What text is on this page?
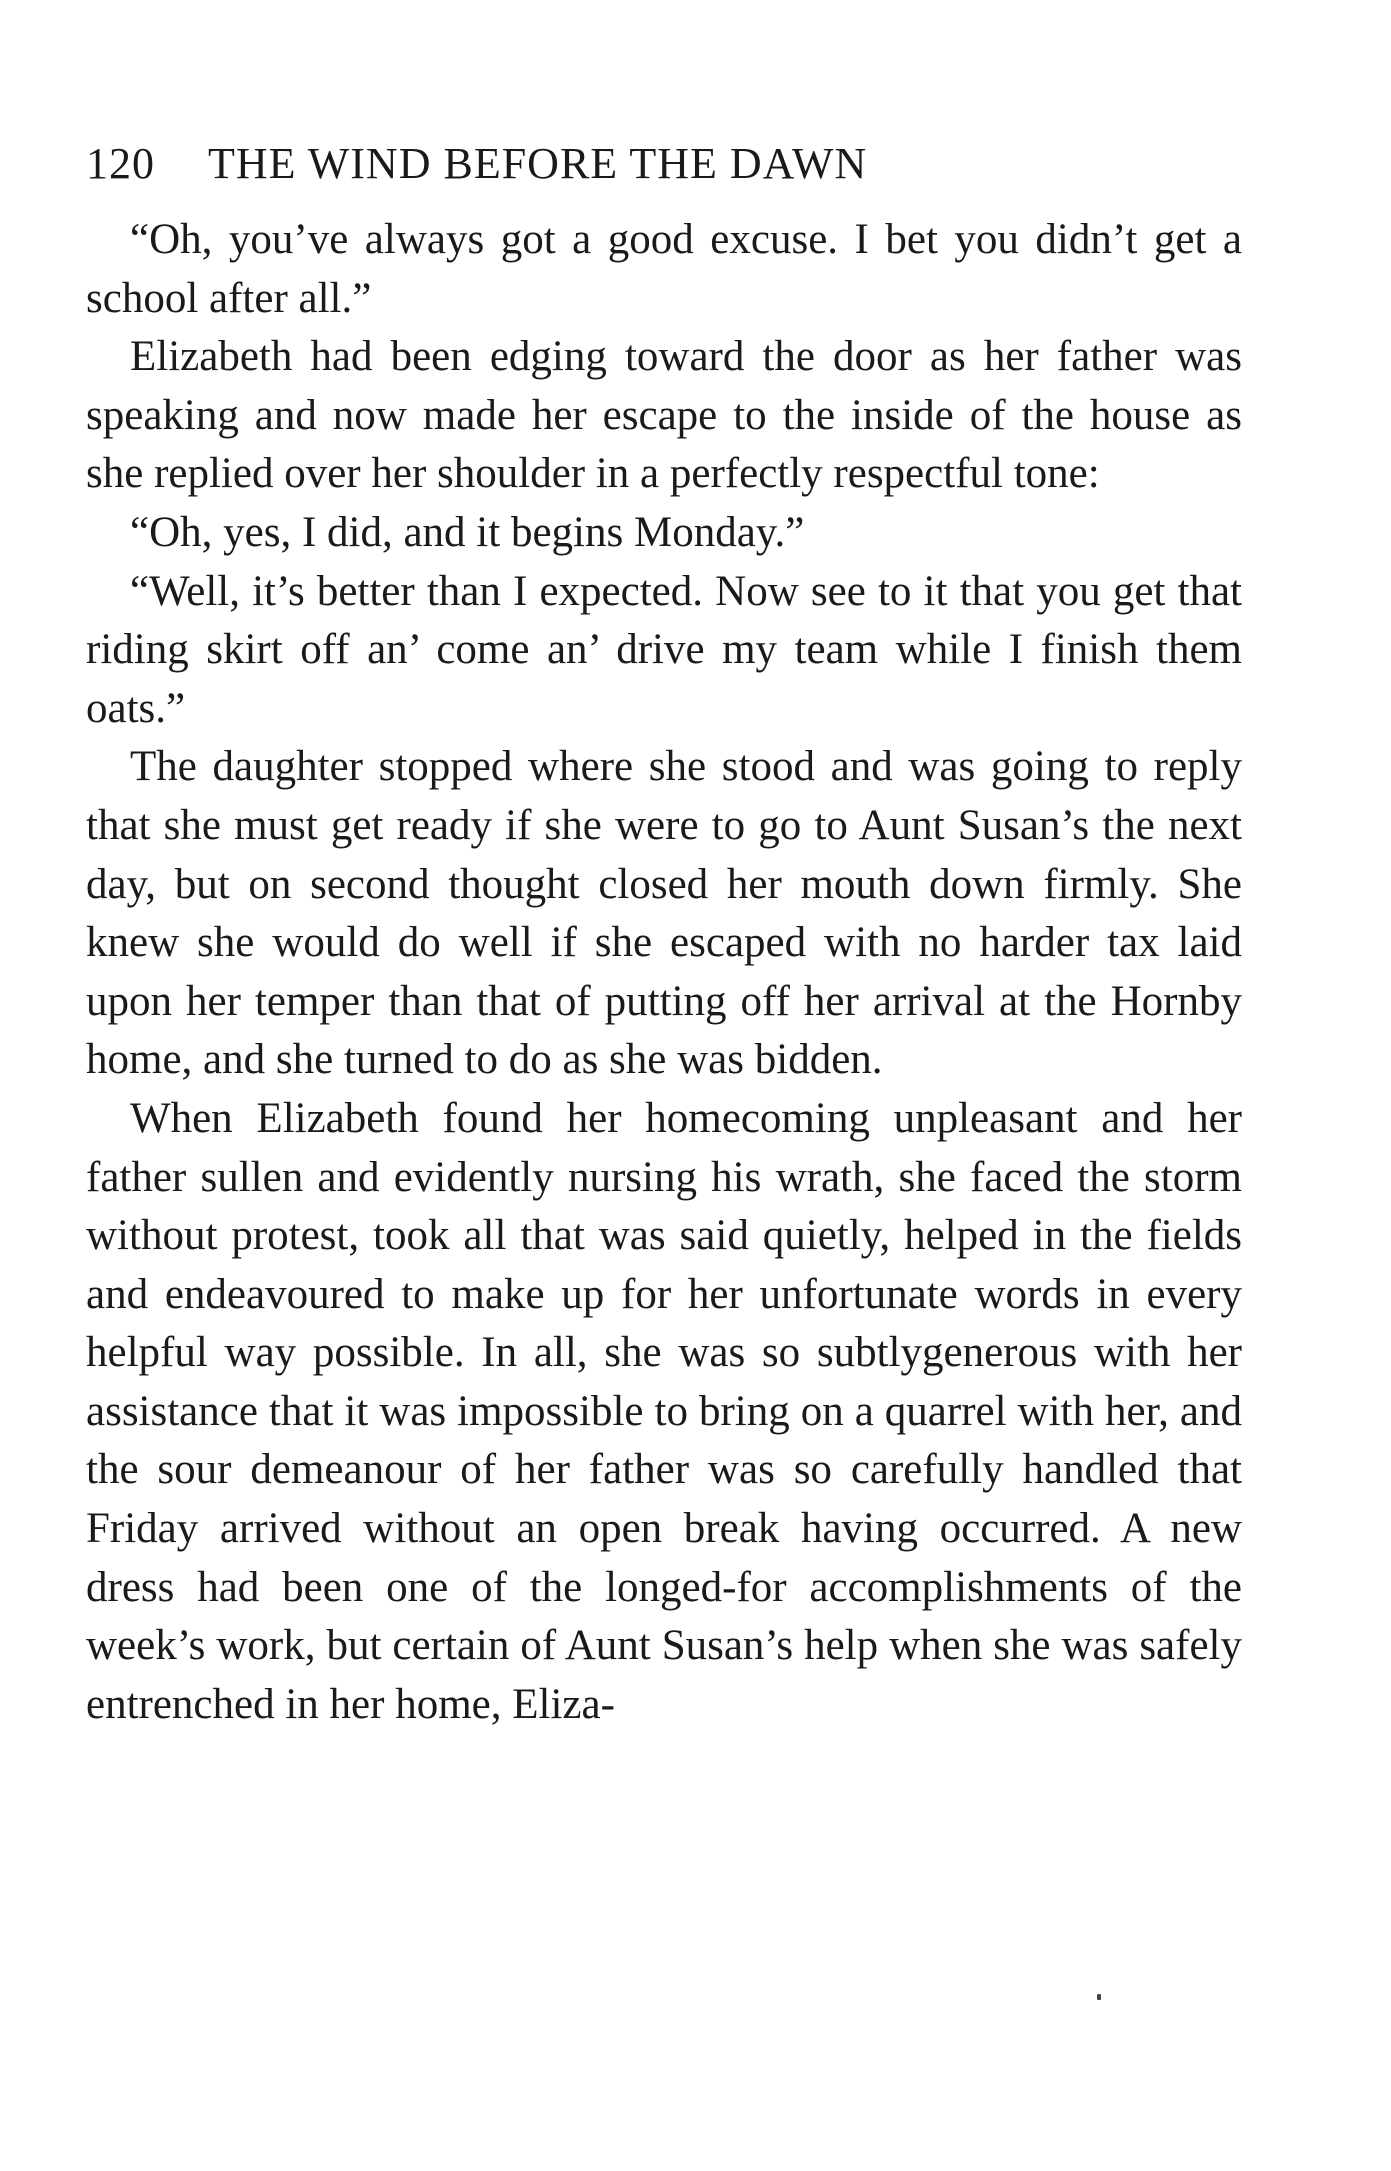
120 THE WIND BEFORE THE DAWN

“Oh, you’ve always got a good excuse. I bet you didn’t get a school after all.”

Elizabeth had been edging toward the door as her father was speaking and now made her escape to the inside of the house as she replied over her shoulder in a perfectly respectful tone:

“Oh, yes, I did, and it begins Monday.”

“Well, it’s better than I expected. Now see to it that you get that riding skirt off an’ come an’ drive my team while I finish them oats.”

The daughter stopped where she stood and was going to reply that she must get ready if she were to go to Aunt Susan’s the next day, but on second thought closed her mouth down firmly. She knew she would do well if she escaped with no harder tax laid upon her temper than that of putting off her arrival at the Hornby home, and she turned to do as she was bidden.

When Elizabeth found her homecoming unpleasant and her father sullen and evidently nursing his wrath, she faced the storm without protest, took all that was said quietly, helped in the fields and endeavoured to make up for her unfortunate words in every helpful way possible. In all, she was so subtlygenerous with her assistance that it was impossible to bring on a quarrel with her, and the sour demeanour of her father was so carefully handled that Friday arrived without an open break having occurred. A new dress had been one of the longed-for accomplishments of the week’s work, but certain of Aunt Susan’s help when she was safely entrenched in her home, Eliza-
